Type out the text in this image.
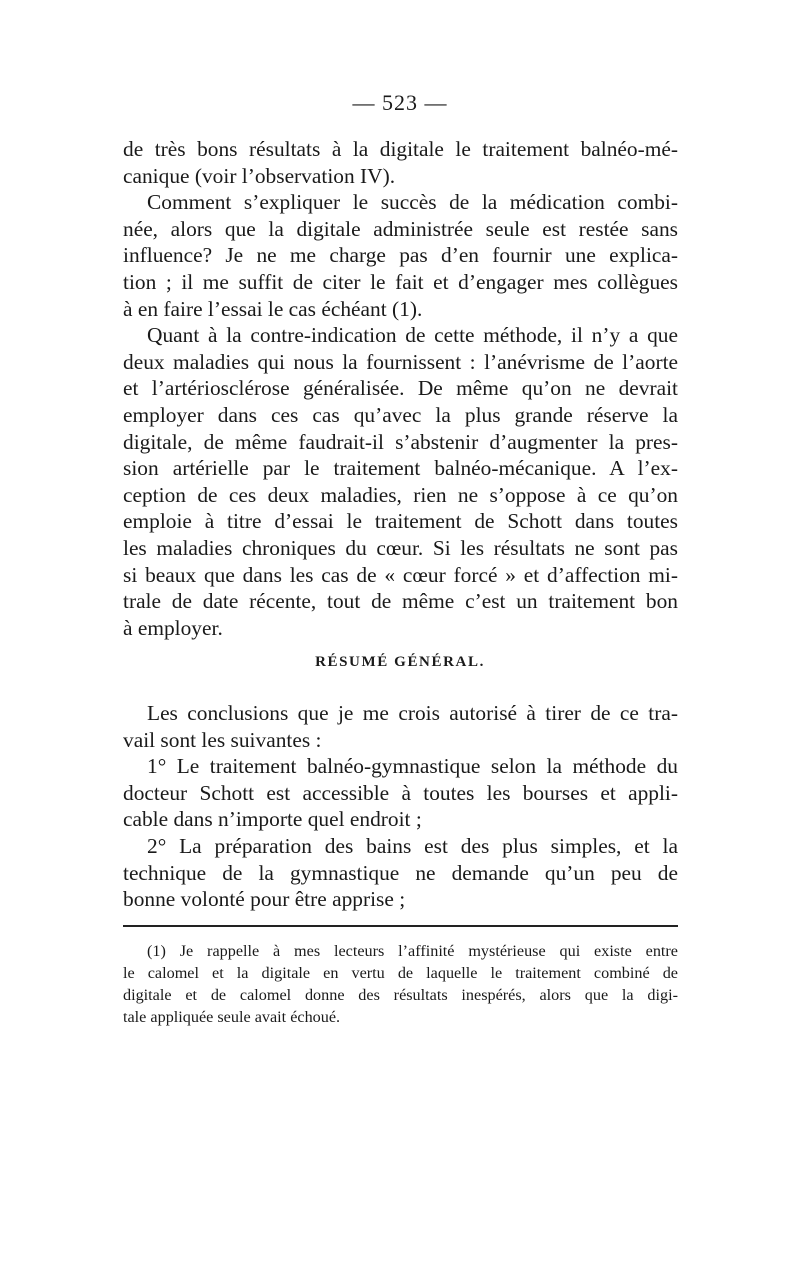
— 523 —
de très bons résultats à la digitale le traitement balnéo-mé-
canique (voir l’observation IV).
Comment s’expliquer le succès de la médication combi-
née, alors que la digitale administrée seule est restée sans
influence? Je ne me charge pas d’en fournir une explica-
tion ; il me suffit de citer le fait et d’engager mes collègues
à en faire l’essai le cas échéant (1).
Quant à la contre-indication de cette méthode, il n’y a que
deux maladies qui nous la fournissent : l’anévrisme de l’aorte
et l’artériosclérose généralisée. De même qu’on ne devrait
employer dans ces cas qu’avec la plus grande réserve la
digitale, de même faudrait-il s’abstenir d’augmenter la pres-
sion artérielle par le traitement balnéo-mécanique. A l’ex-
ception de ces deux maladies, rien ne s’oppose à ce qu’on
emploie à titre d’essai le traitement de Schott dans toutes
les maladies chroniques du cœur. Si les résultats ne sont pas
si beaux que dans les cas de « cœur forcé » et d’affection mi-
trale de date récente, tout de même c’est un traitement bon
à employer.
RÉSUMÉ GÉNÉRAL.
Les conclusions que je me crois autorisé à tirer de ce tra-
vail sont les suivantes :
1° Le traitement balnéo-gymnastique selon la méthode du
docteur Schott est accessible à toutes les bourses et appli-
cable dans n’importe quel endroit ;
2° La préparation des bains est des plus simples, et la
technique de la gymnastique ne demande qu’un peu de
bonne volonté pour être apprise ;
(1) Je rappelle à mes lecteurs l’affinité mystérieuse qui existe entre
le calomel et la digitale en vertu de laquelle le traitement combiné de
digitale et de calomel donne des résultats inespérés, alors que la digi-
tale appliquée seule avait échoué.
